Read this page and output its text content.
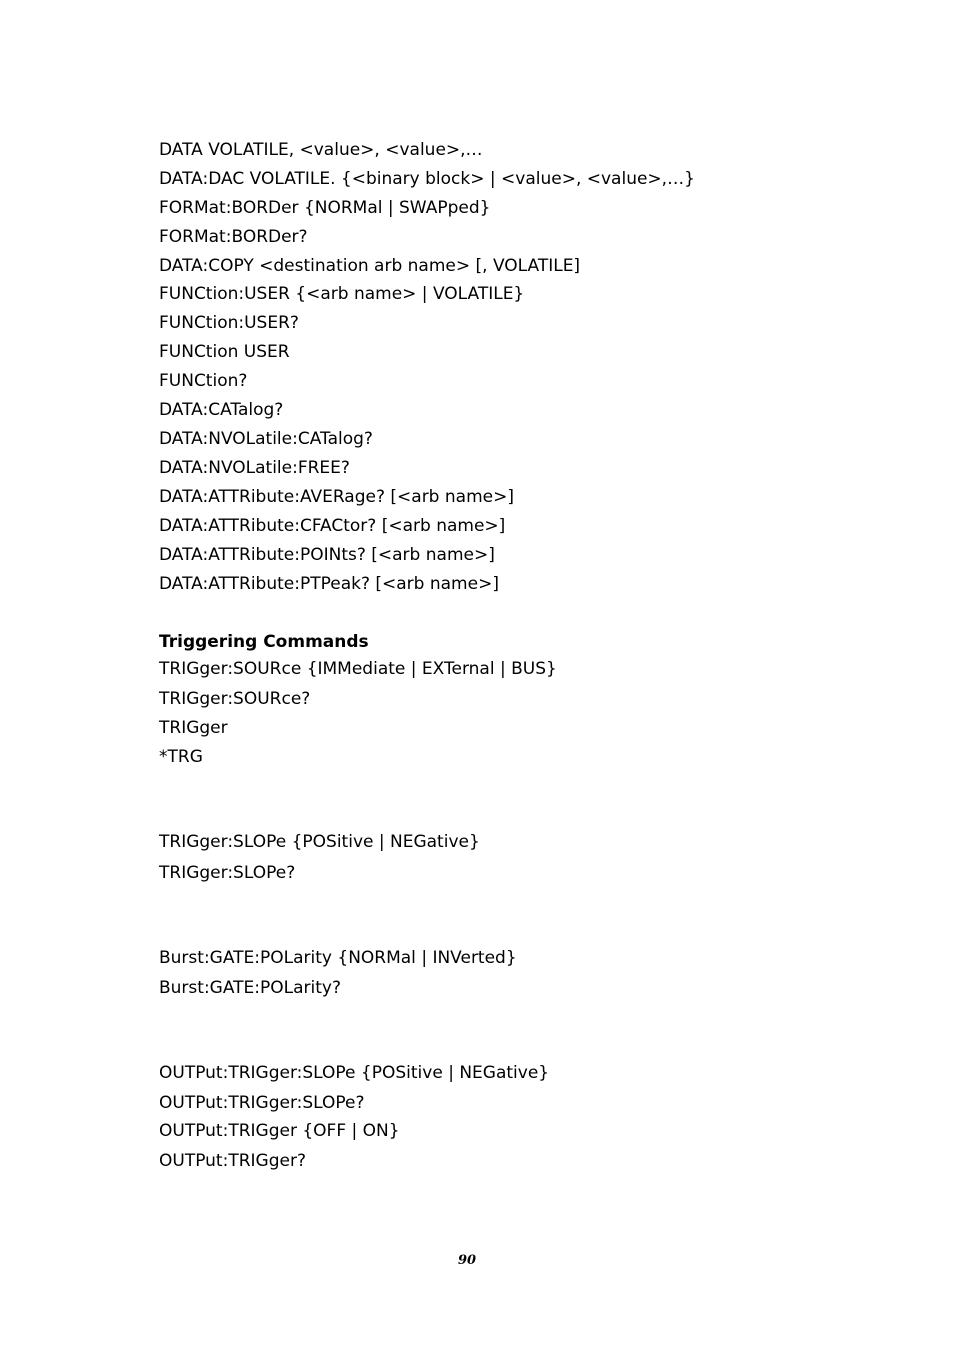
DATA VOLATILE, <value>, <value>,…
DATA:DAC VOLATILE. {<binary block> | <value>, <value>,…}
FORMat:BORDer {NORMal | SWAPped}
FORMat:BORDer?
DATA:COPY <destination arb name> [, VOLATILE]
FUNCtion:USER {<arb name> | VOLATILE}
FUNCtion:USER?
FUNCtion USER
FUNCtion?
DATA:CATalog?
DATA:NVOLatile:CATalog?
DATA:NVOLatile:FREE?
DATA:ATTRibute:AVERage? [<arb name>]
DATA:ATTRibute:CFACtor? [<arb name>]
DATA:ATTRibute:POINts? [<arb name>]
DATA:ATTRibute:PTPeak? [<arb name>]
Triggering Commands
TRIGger:SOURce {IMMediate | EXTernal | BUS}
TRIGger:SOURce?
TRIGger
*TRG
TRIGger:SLOPe {POSitive | NEGative}
TRIGger:SLOPe?
Burst:GATE:POLarity {NORMal | INVerted}
Burst:GATE:POLarity?
OUTPut:TRIGger:SLOPe {POSitive | NEGative}
OUTPut:TRIGger:SLOPe?
OUTPut:TRIGger {OFF | ON}
OUTPut:TRIGger?
90
